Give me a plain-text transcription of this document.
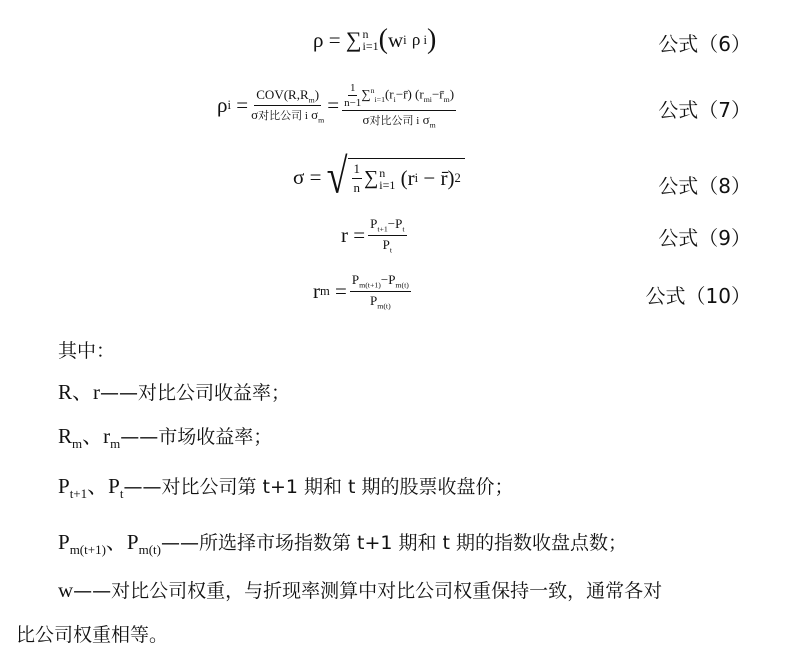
ρ = ∑ n
i=1 ( w i
ρ i )	公式（6）
ρ $i = \frac{COV(R,R_m)}{\sigma 对比公司 i \sigma_m} = \frac{\frac{1}{n-1} \sum^n_{i=1}(r_i-r̄) (r_{mi}-r̄_m)}{\sigma 对比公司 i \sigma_m}$	公式（7）
σ = √ $\frac{1}{n}$ ∑ n
i=1 (r i − r̄) 2	公式（8）
$r = \frac{P_{t+1}-P_t}{P_t}$	公式（9）
r $m = \frac{P_{m(t+1)}-P_{m(t)}}{P_{m(t)}}$	公式（10）
其中：
R、r——对比公司收益率；
$R_m$、$r_m——$市场收益率；
$P_{t+1}$、$P_t——$对比公司第 t+1 期和 t 期的股票收盘价；
$P_{m(t+1)}$、$P_{m(t)}——$所选择市场指数第 t+1 期和 t 期的指数收盘点数；
w——对比公司权重，与折现率测算中对比公司权重保持一致，通常各对
比公司权重相等。
